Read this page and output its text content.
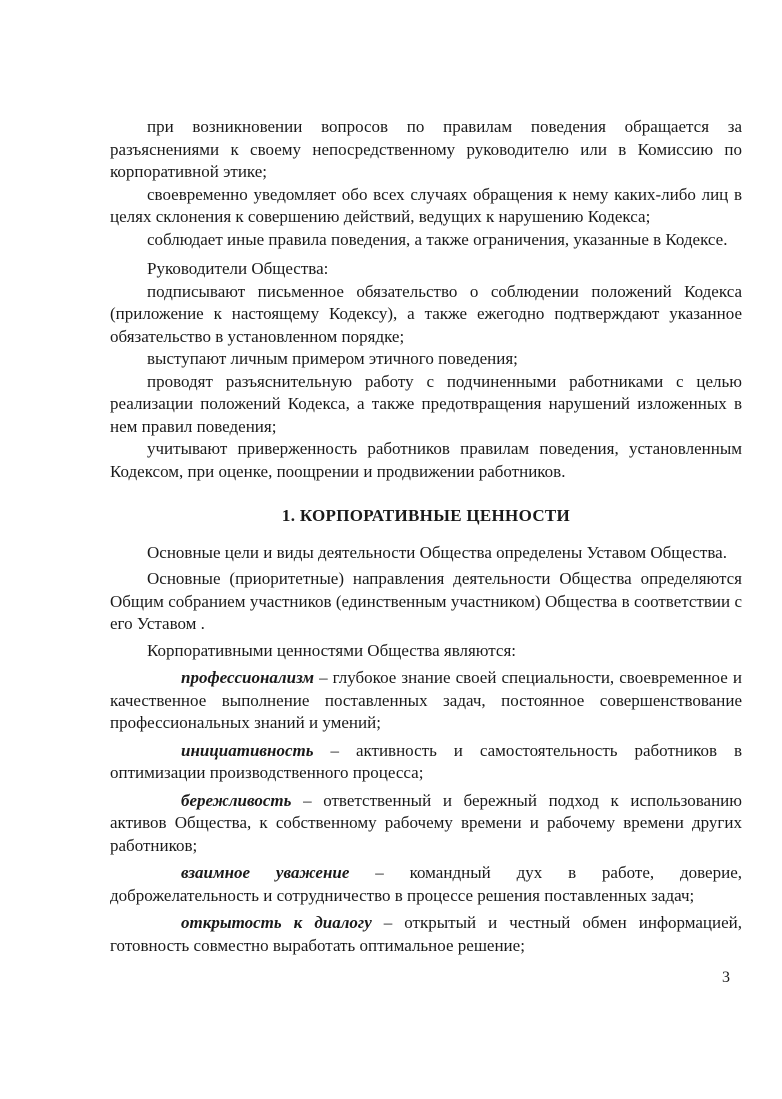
при возникновении вопросов по правилам поведения обращается за разъяснениями к своему непосредственному руководителю или в Комиссию по корпоративной этике;

своевременно уведомляет обо всех случаях обращения к нему каких-либо лиц в целях склонения к совершению действий, ведущих к нарушению Кодекса;

соблюдает иные правила поведения, а также ограничения, указанные в Кодексе.

Руководители Общества:

подписывают письменное обязательство о соблюдении положений Кодекса (приложение к настоящему Кодексу), а также ежегодно подтверждают указанное обязательство в установленном порядке;

выступают личным примером этичного поведения;

проводят разъяснительную работу с подчиненными работниками с целью реализации положений Кодекса, а также предотвращения нарушений изложенных в нем правил поведения;

учитывают приверженность работников правилам поведения, установленным Кодексом, при оценке, поощрении и продвижении работников.

1. КОРПОРАТИВНЫЕ ЦЕННОСТИ

Основные цели и виды деятельности Общества определены Уставом Общества.

Основные (приоритетные) направления деятельности Общества определяются Общим собранием участников (единственным участником) Общества в соответствии с его Уставом .

Корпоративными ценностями Общества являются:

профессионализм – глубокое знание своей специальности, своевременное и качественное выполнение поставленных задач, постоянное совершенствование профессиональных знаний и умений;

инициативность – активность и самостоятельность работников в оптимизации производственного процесса;

бережливость – ответственный и бережный подход к использованию активов Общества, к собственному рабочему времени и рабочему времени других работников;

взаимное уважение – командный дух в работе, доверие, доброжелательность и сотрудничество в процессе решения поставленных задач;

открытость к диалогу – открытый и честный обмен информацией, готовность совместно выработать оптимальное решение;

3
